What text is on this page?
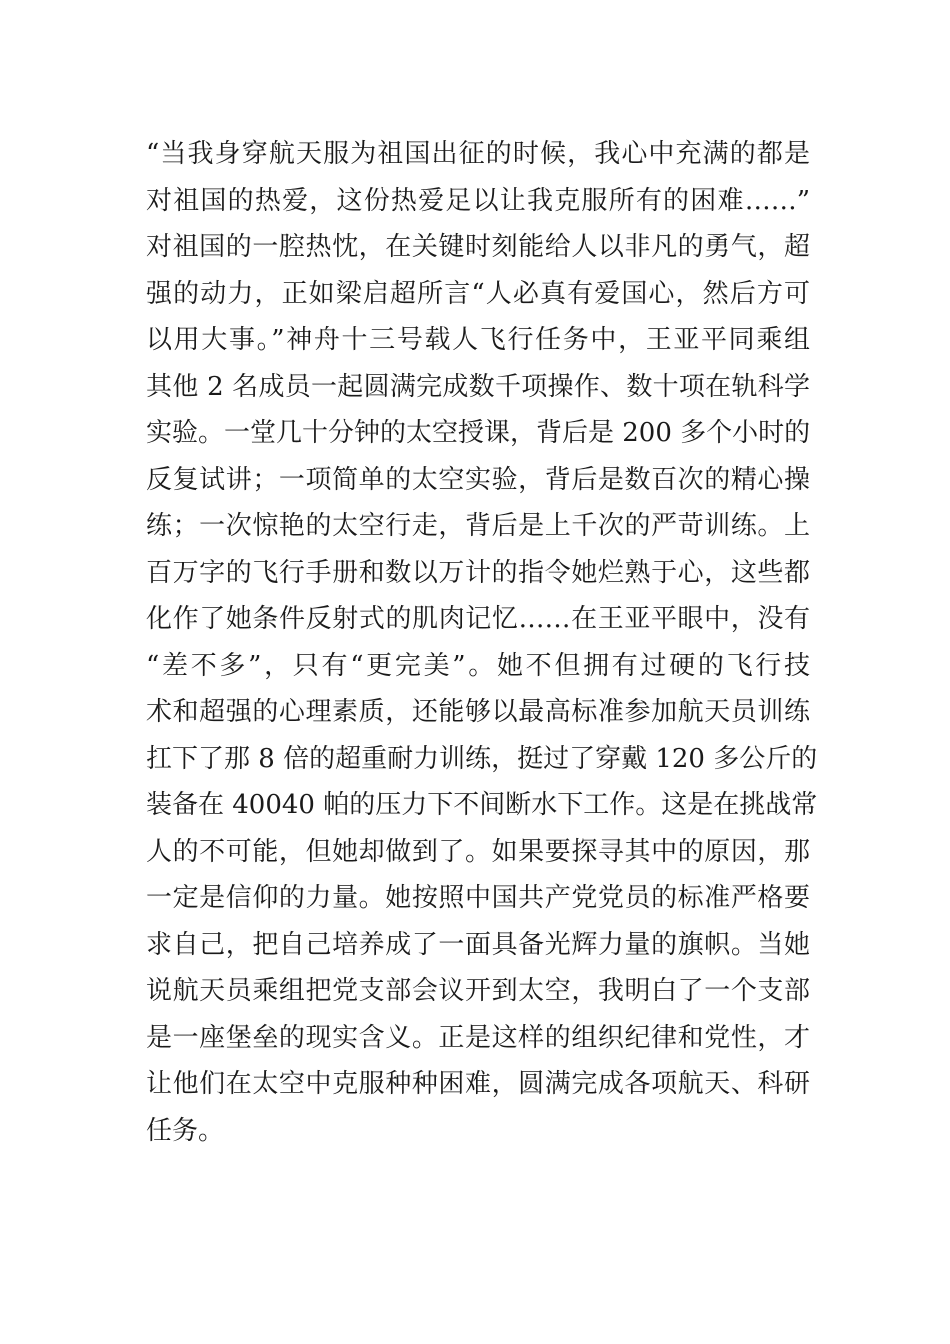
“当我身穿航天服为祖国出征的时候，我心中充满的都是
对祖国的热爱，这份热爱足以让我克服所有的困难……”
对祖国的一腔热忱，在关键时刻能给人以非凡的勇气，超
强的动力，正如梁启超所言“人必真有爱国心，然后方可
以用大事。”神舟十三号载人飞行任务中，王亚平同乘组
其他 2 名成员一起圆满完成数千项操作、数十项在轨科学
实验。一堂几十分钟的太空授课，背后是 200 多个小时的
反复试讲；一项简单的太空实验，背后是数百次的精心操
练；一次惊艳的太空行走，背后是上千次的严苛训练。上
百万字的飞行手册和数以万计的指令她烂熟于心，这些都
化作了她条件反射式的肌肉记忆……在王亚平眼中，没有
“差不多”，只有“更完美”。她不但拥有过硬的飞行技
术和超强的心理素质，还能够以最高标准参加航天员训练
扛下了那 8 倍的超重耐力训练，挺过了穿戴 120 多公斤的
装备在 40040 帕的压力下不间断水下工作。这是在挑战常
人的不可能，但她却做到了。如果要探寻其中的原因，那
一定是信仰的力量。她按照中国共产党党员的标准严格要
求自己，把自己培养成了一面具备光辉力量的旗帜。当她
说航天员乘组把党支部会议开到太空，我明白了一个支部
是一座堡垒的现实含义。正是这样的组织纪律和党性，才
让他们在太空中克服种种困难，圆满完成各项航天、科研
任务。
